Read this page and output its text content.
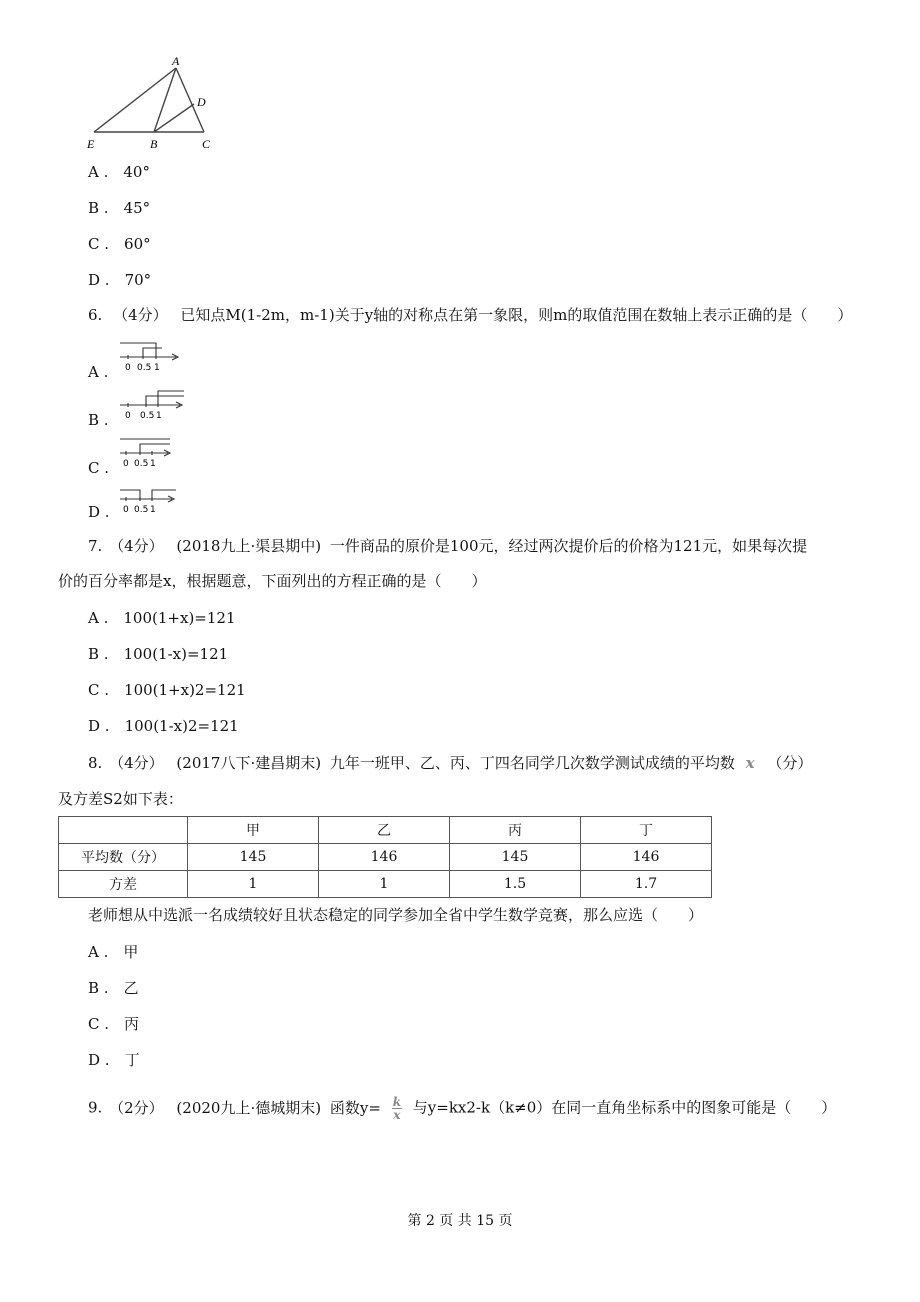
A
D
E	B	C
A .　40°
B .　45°
C .　60°
D .　70°
6. （4分） 已知点M(1-2m，m-1)关于y轴的对称点在第一象限，则m的取值范围在数轴上表示正确的是（　　）
A . 0 0.5 1
B . 0 0.5 1
C . 0 0.5 1
D . 0 0.5 1
7. （4分） (2018九上·渠县期中) 一件商品的原价是100元，经过两次提价后的价格为121元，如果每次提
价的百分率都是x，根据题意，下面列出的方程正确的是（　　）
A .　100(1+x)=121
B .　100(1-x)=121
C .　100(1+x)2=121
D .　100(1-x)2=121
8. （4分） (2017八下·建昌期末) 九年一班甲、乙、丙、丁四名同学几次数学测试成绩的平均数 x （分）
及方差S2如下表：
	甲	乙	丙	丁
平均数（分）	145	146	145	146
方差	1	1	1.5	1.7
老师想从中选派一名成绩较好且状态稳定的同学参加全省中学生数学竞赛，那么应选（　　）
A .　甲
B .　乙
C .　丙
D .　丁
9. （2分） (2020九上·德城期末) 函数$y= \frac{k}{x}$ 与y=kx2-k（k≠0）在同一直角坐标系中的图象可能是（　　）
第 2 页 共 15 页
